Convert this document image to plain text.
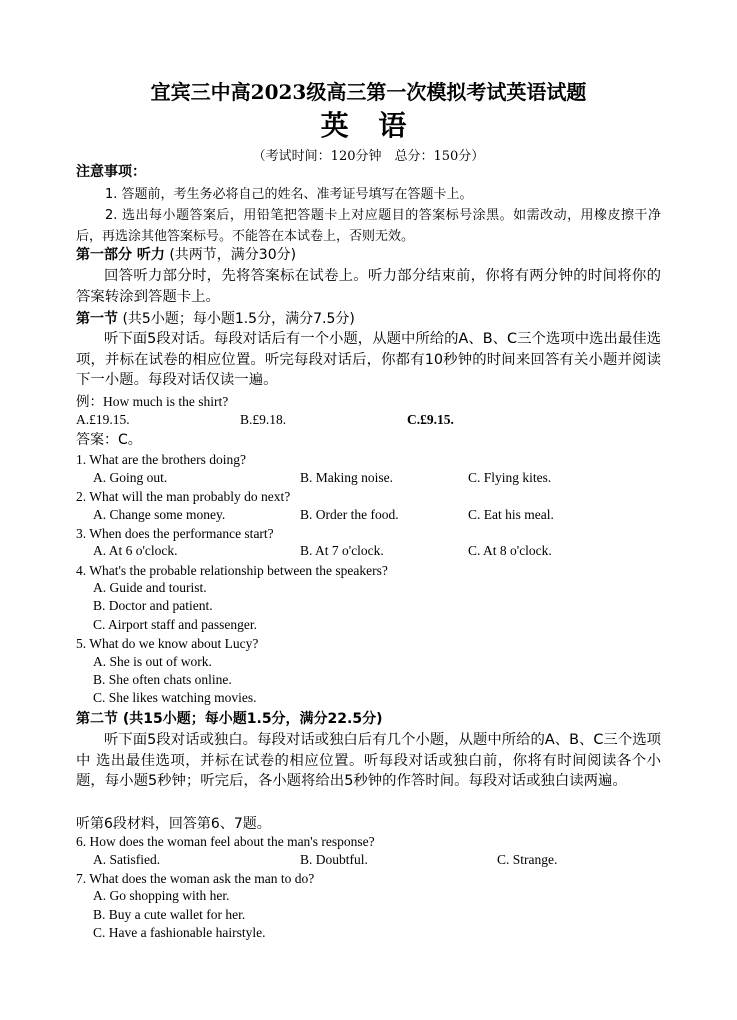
宜宾三中高2023级高三第一次模拟考试英语试题
英 语
（考试时间：120分钟　总分：150分）
注意事项：
1. 答题前，考生务必将自己的姓名、准考证号填写在答题卡上。
2. 选出每小题答案后，用铅笔把答题卡上对应题目的答案标号涂黑。如需改动，用橡皮擦干净后，再选涂其他答案标号。不能答在本试卷上，否则无效。
第一部分 听力 (共两节，满分30分)
回答听力部分时，先将答案标在试卷上。听力部分结束前，你将有两分钟的时间将你的 答案转涂到答题卡上。
第一节 (共5小题；每小题1.5分，满分7.5分)
听下面5段对话。每段对话后有一个小题，从题中所给的A、B、C三个选项中选出最佳选项，并标在试卷的相应位置。听完每段对话后，你都有10秒钟的时间来回答有关小题并阅读 下一小题。每段对话仅读一遍。
例：How much is the shirt?
A.£19.15.	B.£9.18.	C.£9.15.
答案：C。
1. What are the brothers doing?
A. Going out.	B. Making noise.	C. Flying kites.
2. What will the man probably do next?
A. Change some money.	B. Order the food.	C. Eat his meal.
3. When does the performance start?
A. At 6 o'clock.	B. At 7 o'clock.	C. At 8 o'clock.
4. What's the probable relationship between the speakers?
A. Guide and tourist.
B. Doctor and patient.
C. Airport staff and passenger.
5. What do we know about Lucy?
A. She is out of work.
B. She often chats online.
C. She likes watching movies.
第二节 (共15小题；每小题1.5分，满分22.5分)
听下面5段对话或独白。每段对话或独白后有几个小题，从题中所给的A、B、C三个选项中 选出最佳选项，并标在试卷的相应位置。听每段对话或独白前，你将有时间阅读各个小题，每小题5秒钟；听完后，各小题将给出5秒钟的作答时间。每段对话或独白读两遍。
听第6段材料，回答第6、7题。
6. How does the woman feel about the man's response?
A. Satisfied.	B. Doubtful.	C. Strange.
7. What does the woman ask the man to do?
A. Go shopping with her.
B. Buy a cute wallet for her.
C. Have a fashionable hairstyle.
